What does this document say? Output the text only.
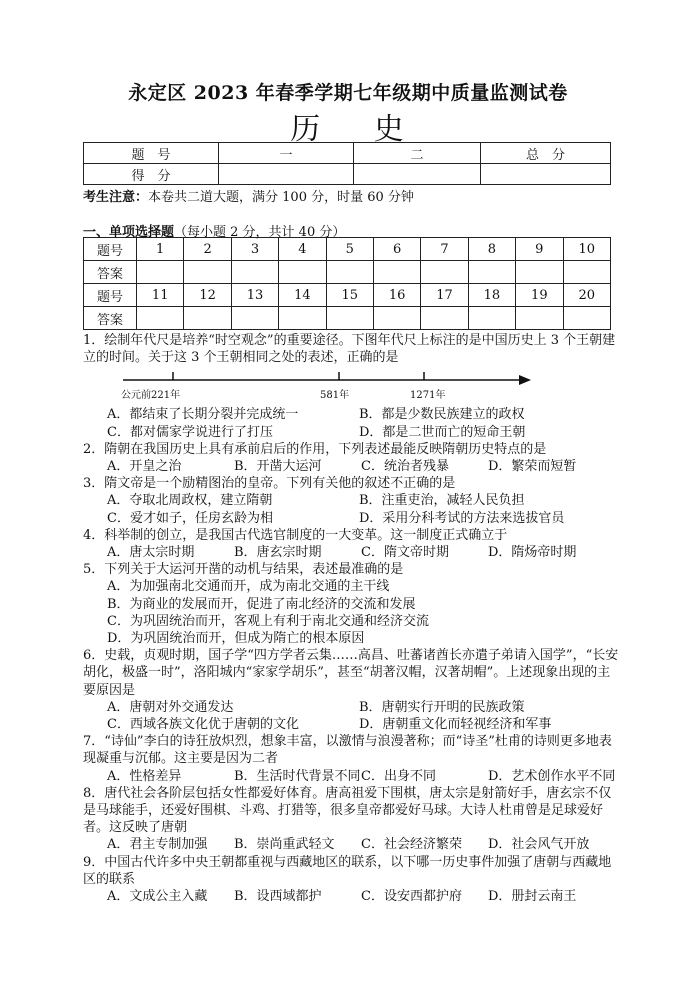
永定区 2023 年春季学期七年级期中质量监测试卷
历 史
题　号	一	二	总　分
得　分			
考生注意：本卷共二道大题，满分 100 分，时量 60 分钟
一、单项选择题（每小题 2 分，共计 40 分）
题号	1	2	3	4	5	6	7	8	9	10
答案										
题号	11	12	13	14	15	16	17	18	19	20
答案										

1．绘制年代尺是培养“时空观念”的重要途径。下图年代尺上标注的是中国历史上 3 个王朝建立的时间。关于这 3 个王朝相同之处的表述，正确的是

公元前221年	581年	1271年
A．都结束了长期分裂并完成统一	B．都是少数民族建立的政权
C．都对儒家学说进行了打压	D．都是二世而亡的短命王朝

2．隋朝在我国历史上具有承前启后的作用，下列表述最能反映隋朝历史特点的是

A．开皇之治	B．开凿大运河	C．统治者残暴	D．繁荣而短暂

3．隋文帝是一个励精图治的皇帝。下列有关他的叙述不正确的是

A．夺取北周政权，建立隋朝	B．注重吏治，减轻人民负担
C．爱才如子，任房玄龄为相	D．采用分科考试的方法来选拔官员

4．科举制的创立，是我国古代选官制度的一大变革。这一制度正式确立于

A．唐太宗时期	B．唐玄宗时期	C．隋文帝时期	D．隋炀帝时期

5．下列关于大运河开凿的动机与结果，表述最准确的是

A．为加强南北交通而开，成为南北交通的主干线
B．为商业的发展而开，促进了南北经济的交流和发展
C．为巩固统治而开，客观上有利于南北交通和经济交流
D．为巩固统治而开，但成为隋亡的根本原因

6．史载，贞观时期，国子学“四方学者云集……高昌、吐蕃诸酋长亦遣子弟请入国学”，“长安胡化，极盛一时”，洛阳城内“家家学胡乐”，甚至“胡著汉帽，汉著胡帽”。上述现象出现的主要原因是

A．唐朝对外交通发达	B．唐朝实行开明的民族政策
C．西域各族文化优于唐朝的文化	D．唐朝重文化而轻视经济和军事

7．“诗仙”李白的诗狂放炽烈，想象丰富，以激情与浪漫著称；而“诗圣”杜甫的诗则更多地表现凝重与沉郁。这主要是因为二者

A．性格差异	B．生活时代背景不同 C．出身不同	D．艺术创作水平不同

8．唐代社会各阶层包括女性都爱好体育。唐高祖爱下围棋，唐太宗是射箭好手，唐玄宗不仅是马球能手，还爱好围棋、斗鸡、打猎等，很多皇帝都爱好马球。大诗人杜甫曾是足球爱好者。这反映了唐朝

A．君主专制加强	B．崇尚重武轻文	C．社会经济繁荣	D．社会风气开放

9．中国古代许多中央王朝都重视与西藏地区的联系，以下哪一历史事件加强了唐朝与西藏地区的联系

A．文成公主入藏	B．设西域都护	C．设安西都护府	D．册封云南王
